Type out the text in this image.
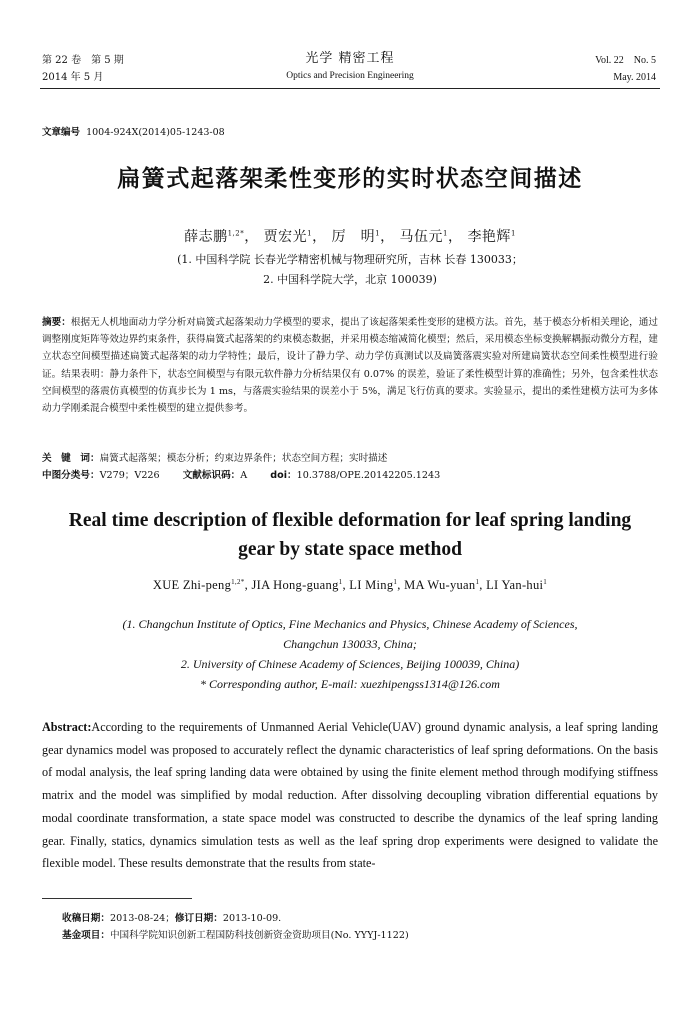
第 22 卷　第 5 期
2014 年 5 月
光学 精密工程
Optics and Precision Engineering
Vol. 22　No. 5
May. 2014
文章编号 1004-924X(2014)05-1243-08
扁簧式起落架柔性变形的实时状态空间描述
薛志鹏$^{1,2*}$， 贾宏光$^1$， 厉　明$^1$， 马伍元$^1$， 李艳辉$^1$
(1. 中国科学院 长春光学精密机械与物理研究所，吉林 长春 130033；
2. 中国科学院大学，北京 100039)
摘要：根据无人机地面动力学分析对扁簧式起落架动力学模型的要求，提出了该起落架柔性变形的建模方法。首先，基于模态分析相关理论，通过调整刚度矩阵等效边界约束条件，获得扁簧式起落架的约束模态数据，并采用模态缩减简化模型；然后，采用模态坐标变换解耦振动微分方程，建立状态空间模型描述扁簧式起落架的动力学特性；最后，设计了静力学、动力学仿真测试以及扁簧落震实验对所建扁簧状态空间柔性模型进行验证。结果表明：静力条件下，状态空间模型与有限元软件静力分析结果仅有 0.07% 的误差，验证了柔性模型计算的准确性；另外，包含柔性状态空间模型的落震仿真模型的仿真步长为 1 ms，与落震实验结果的误差小于 5%，满足飞行仿真的要求。实验显示，提出的柔性建模方法可为多体动力学刚柔混合模型中柔性模型的建立提供参考。
关　键　词：扁簧式起落架；模态分析；约束边界条件；状态空间方程；实时描述
中图分类号：V279；V226 文献标识码：A doi：10.3788/OPE.20142205.1243
Real time description of flexible deformation for leaf spring landing gear by state space method
XUE Zhi-peng$^{1,2*}$, JIA Hong-guang$^1$, LI Ming$^1$, MA Wu-yuan$^1$, LI Yan-hui$^1$
(1. Changchun Institute of Optics, Fine Mechanics and Physics, Chinese Academy of Sciences,
Changchun 130033, China;
2. University of Chinese Academy of Sciences, Beijing 100039, China)
* Corresponding author, E-mail: xuezhipengss1314@126.com
Abstract:According to the requirements of Unmanned Aerial Vehicle(UAV) ground dynamic analysis, a leaf spring landing gear dynamics model was proposed to accurately reflect the dynamic characteristics of leaf spring deformations. On the basis of modal analysis, the leaf spring landing data were obtained by using the finite element method through modifying stiffness matrix and the model was simplified by modal reduction. After dissolving decoupling vibration differential equations by modal coordinate transformation, a state space model was constructed to describe the dynamics of the leaf spring landing gear. Finally, statics, dynamics simulation tests as well as the leaf spring drop experiments were designed to validate the flexible model. These results demonstrate that the results from state-
收稿日期：2013-08-24；修订日期：2013-10-09.
基金项目：中国科学院知识创新工程国防科技创新资金资助项目(No. YYYJ-1122)
